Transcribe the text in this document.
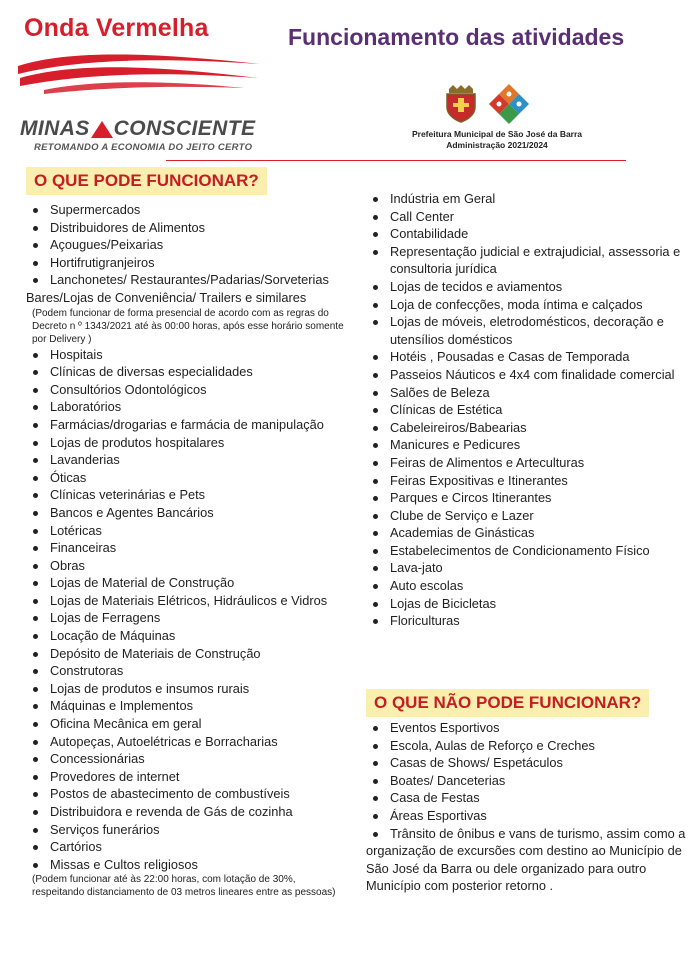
Onda Vermelha	Funcionamento das atividades
MINAS CONSCIENTE
RETOMANDO A ECONOMIA DO JEITO CERTO
Prefeitura Municipal de São José da Barra
Administração 2021/2024
O QUE PODE FUNCIONAR?
Supermercados
Distribuidores de Alimentos
Açougues/Peixarias
Hortifrutigranjeiros
Lanchonetes/ Restaurantes/Padarias/Sorveterias Bares/Lojas de Conveniência/ Trailers e similares
(Podem funcionar de forma presencial de acordo com as regras do Decreto n º 1343/2021 até às 00:00 horas, após esse horário somente por Delivery )
Hospitais
Clínicas de diversas especialidades
Consultórios Odontológicos
Laboratórios
Farmácias/drogarias e farmácia de manipulação
Lojas de produtos hospitalares
Lavanderias
Óticas
Clínicas veterinárias e Pets
Bancos e Agentes Bancários
Lotéricas
Financeiras
Obras
Lojas de Material de Construção
Lojas de Materiais Elétricos, Hidráulicos e Vidros
Lojas de Ferragens
Locação de Máquinas
Depósito de Materiais de Construção
Construtoras
Lojas de produtos e insumos rurais
Máquinas e Implementos
Oficina Mecânica em geral
Autopeças, Autoelétricas e Borracharias
Concessionárias
Provedores de internet
Postos de abastecimento de combustíveis
Distribuidora e revenda de Gás de cozinha
Serviços funerários
Cartórios
Missas e Cultos religiosos
(Podem funcionar até às 22:00 horas, com lotação de 30%, respeitando distanciamento de 03 metros lineares entre as pessoas)
Indústria em Geral
Call Center
Contabilidade
Representação judicial e extrajudicial, assessoria e consultoria jurídica
Lojas de tecidos e aviamentos
Loja de confecções, moda íntima e calçados
Lojas de móveis, eletrodomésticos, decoração e utensílios domésticos
Hotéis , Pousadas e Casas de Temporada
Passeios Náuticos e 4x4 com finalidade comercial
Salões de Beleza
Clínicas de Estética
Cabeleireiros/Babearias
Manicures e Pedicures
Feiras de Alimentos e Arteculturas
Feiras Expositivas e Itinerantes
Parques e Circos Itinerantes
Clube de Serviço e Lazer
Academias de Ginásticas
Estabelecimentos de Condicionamento Físico
Lava-jato
Auto escolas
Lojas de Bicicletas
Floriculturas
O QUE NÃO PODE FUNCIONAR?
Eventos Esportivos
Escola, Aulas de Reforço e Creches
Casas de Shows/ Espetáculos
Boates/ Danceterias
Casa de Festas
Áreas Esportivas
Trânsito de ônibus e vans de turismo, assim como a organização de excursões com destino ao Município de São José da Barra ou dele organizado para outro Município com posterior retorno .
